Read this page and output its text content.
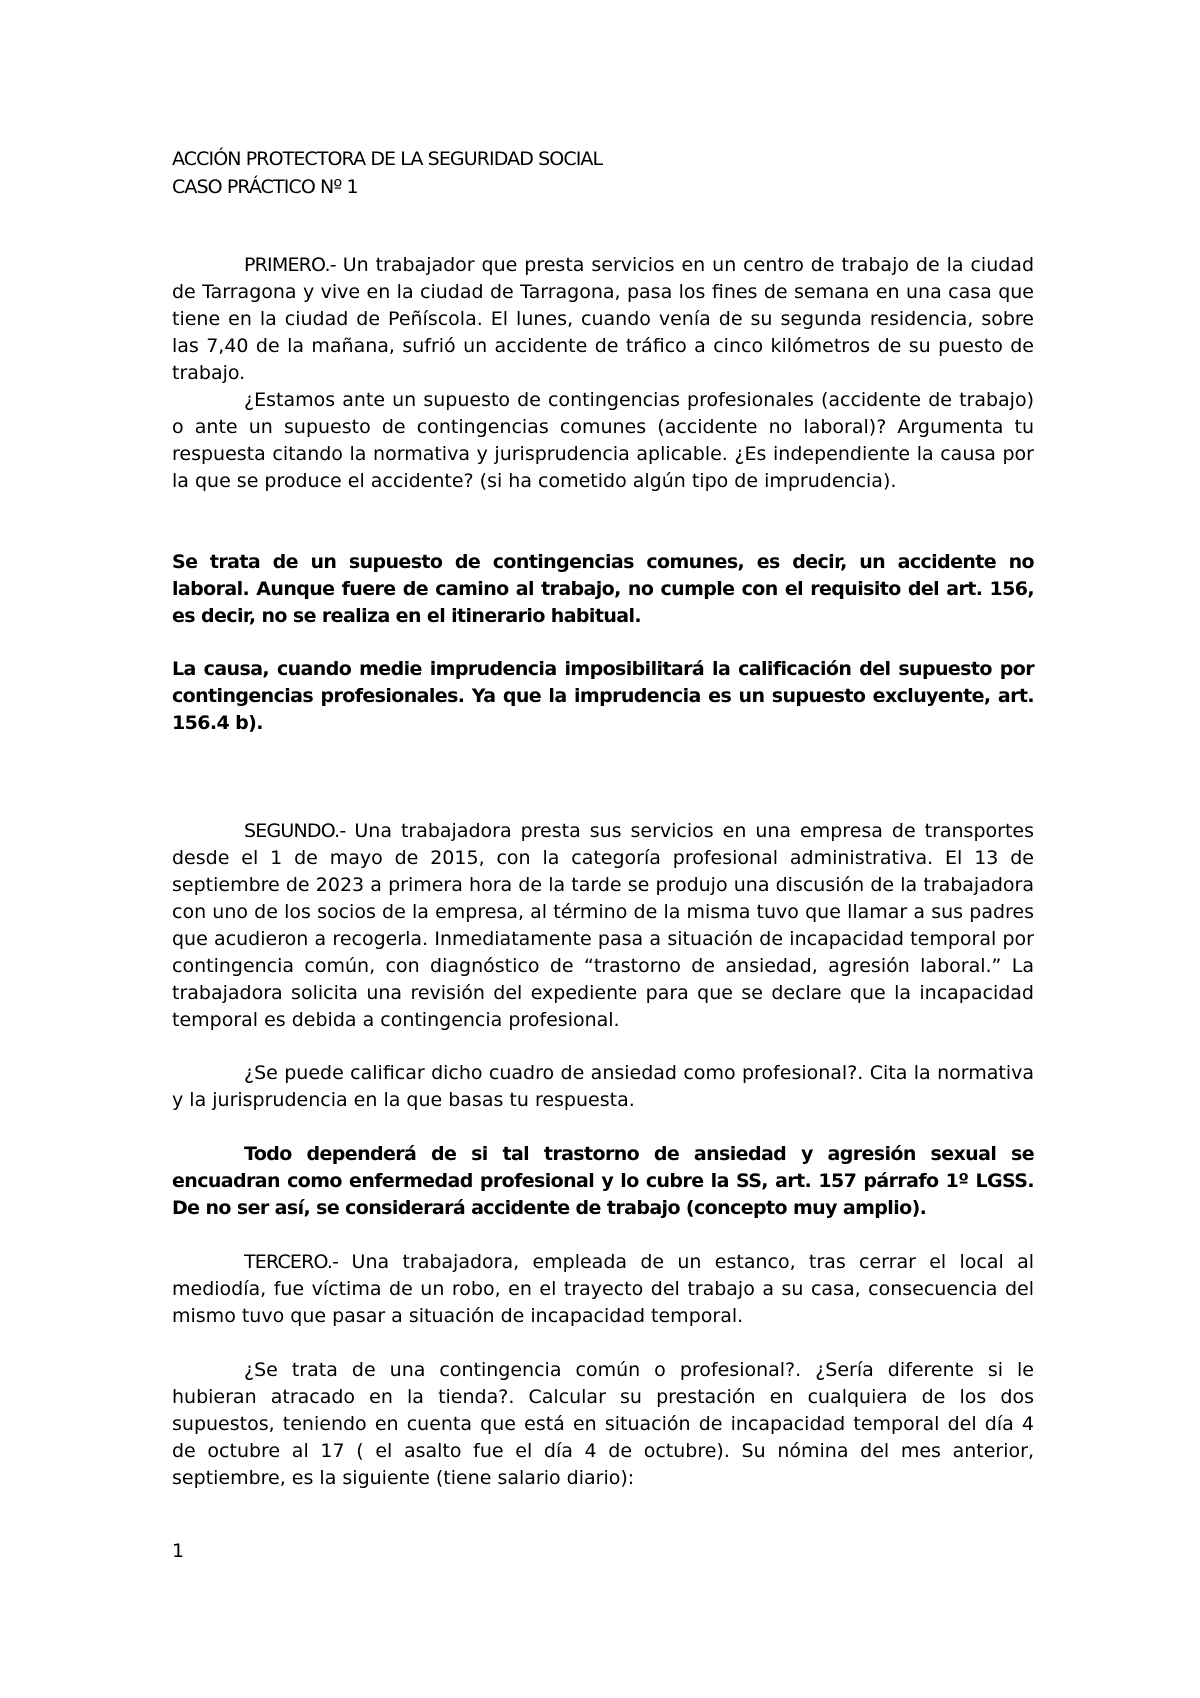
ACCIÓN PROTECTORA DE LA SEGURIDAD SOCIAL
CASO PRÁCTICO Nº 1

PRIMERO.- Un trabajador que presta servicios en un centro de trabajo de la ciudad de Tarragona y vive en la ciudad de Tarragona, pasa los fines de semana en una casa que tiene en la ciudad de Peñíscola. El lunes, cuando venía de su segunda residencia, sobre las 7,40 de la mañana, sufrió un accidente de tráfico a cinco kilómetros de su puesto de trabajo.

¿Estamos ante un supuesto de contingencias profesionales (accidente de trabajo) o ante un supuesto de contingencias comunes (accidente no laboral)? Argumenta tu respuesta citando la normativa y jurisprudencia aplicable. ¿Es independiente la causa por la que se produce el accidente? (si ha cometido algún tipo de imprudencia).

Se trata de un supuesto de contingencias comunes, es decir, un accidente no laboral. Aunque fuere de camino al trabajo, no cumple con el requisito del art. 156, es decir, no se realiza en el itinerario habitual.

La causa, cuando medie imprudencia imposibilitará la calificación del supuesto por contingencias profesionales. Ya que la imprudencia es un supuesto excluyente, art. 156.4 b).

SEGUNDO.- Una trabajadora presta sus servicios en una empresa de transportes desde el 1 de mayo de 2015, con la categoría profesional administrativa. El 13 de septiembre de 2023 a primera hora de la tarde se produjo una discusión de la trabajadora con uno de los socios de la empresa, al término de la misma tuvo que llamar a sus padres que acudieron a recogerla. Inmediatamente pasa a situación de incapacidad temporal por contingencia común, con diagnóstico de “trastorno de ansiedad, agresión laboral.” La trabajadora solicita una revisión del expediente para que se declare que la incapacidad temporal es debida a contingencia profesional.

¿Se puede calificar dicho cuadro de ansiedad como profesional?. Cita la normativa y la jurisprudencia en la que basas tu respuesta.

Todo dependerá de si tal trastorno de ansiedad y agresión sexual se encuadran como enfermedad profesional y lo cubre la SS, art. 157 párrafo 1º LGSS. De no ser así, se considerará accidente de trabajo (concepto muy amplio).

TERCERO.- Una trabajadora, empleada de un estanco, tras cerrar el local al mediodía, fue víctima de un robo, en el trayecto del trabajo a su casa, consecuencia del mismo tuvo que pasar a situación de incapacidad temporal.

¿Se trata de una contingencia común o profesional?. ¿Sería diferente si le hubieran atracado en la tienda?. Calcular su prestación en cualquiera de los dos supuestos, teniendo en cuenta que está en situación de incapacidad temporal del día 4 de octubre al 17 ( el asalto fue el día 4 de octubre). Su nómina del mes anterior, septiembre, es la siguiente (tiene salario diario):

1
